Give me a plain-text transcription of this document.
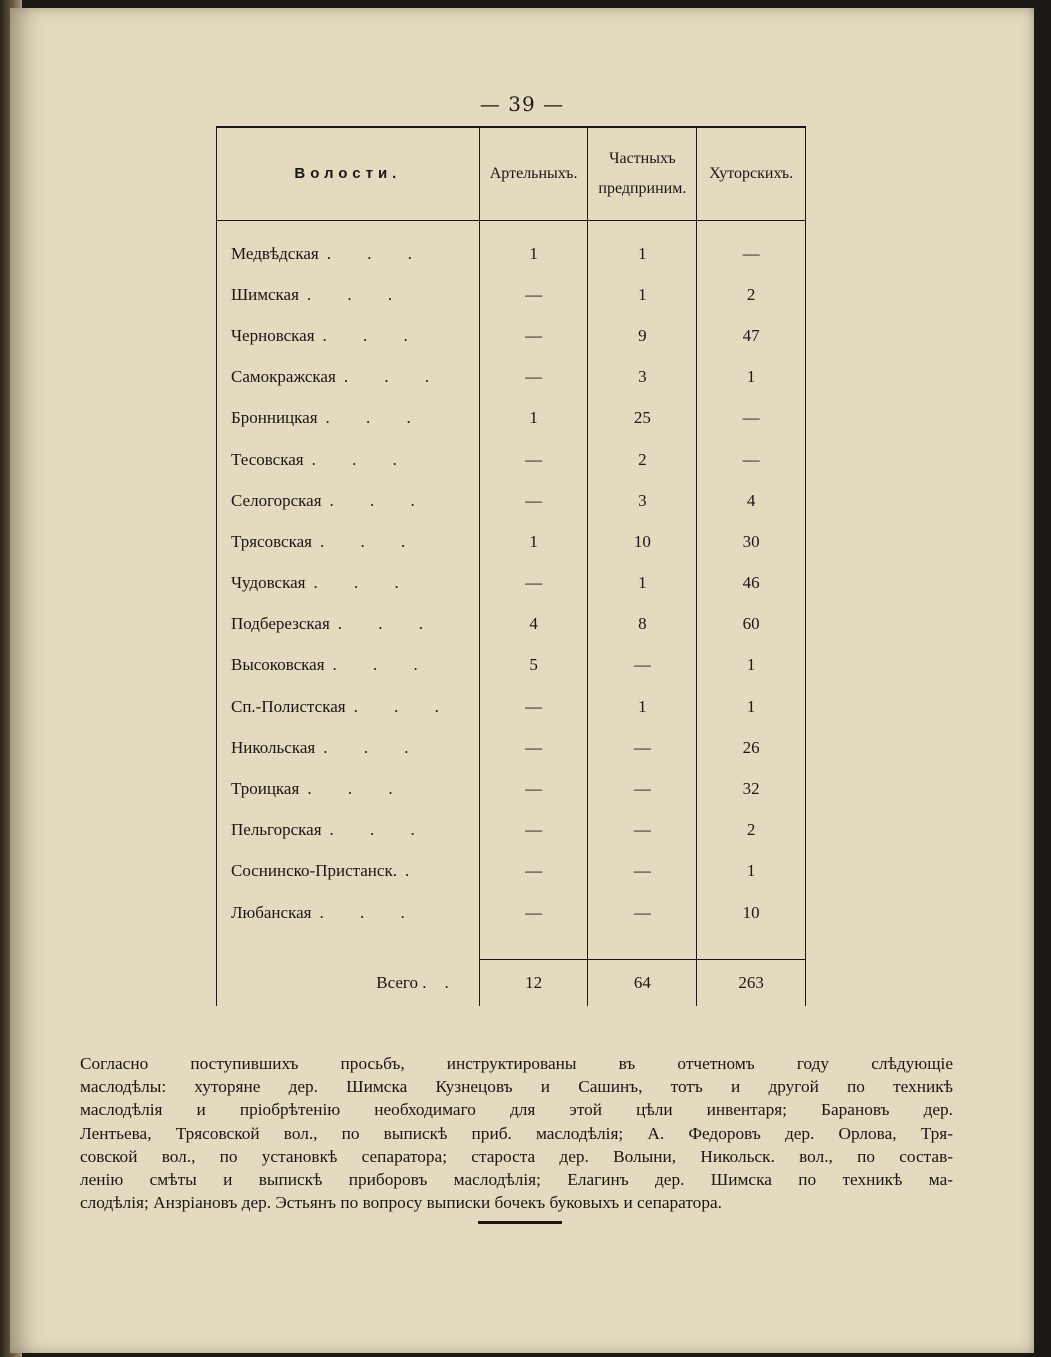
— 39 —
Волости.	Артельныхъ.	Частныхъ предприним.	Хуторскихъ.

Медвѣдская . . .	1	1	—
Шимская . . .	—	1	2
Черновская . . .	—	9	47
Самокражская . . .	—	3	1
Бронницкая . . .	1	25	—
Тесовская . . .	—	2	—
Селогорская . . .	—	3	4
Трясовская . . .	1	10	30
Чудовская . . .	—	1	46
Подберезская . . .	4	8	60
Высоковская . . .	5	—	1
Сп.-Полистская . . .	—	1	1
Никольская . . .	—	—	26
Троицкая . . .	—	—	32
Пельгорская . . .	—	—	2
Соснинско-Пристанск. .	—	—	1
Любанская . . .	—	—	10

Всего . .	12	64	263
Согласно поступившихъ просьбъ, инструктированы въ отчетномъ году слѣдующіе
маслодѣлы: хуторяне дер. Шимска Кузнецовъ и Сашинъ, тотъ и другой по техникѣ
маслодѣлія и пріобрѣтенію необходимаго для этой цѣли инвентаря; Барановъ дер.
Лентьева, Трясовской вол., по выпискѣ приб. маслодѣлія; А. Федоровъ дер. Орлова, Тря-
совской вол., по установкѣ сепаратора; староста дер. Волыни, Никольск. вол., по состав-
ленію смѣты и выпискѣ приборовъ маслодѣлія; Елагинъ дер. Шимска по техникѣ ма-
слодѣлія; Анзріановъ дер. Эстьянъ по вопросу выписки бочекъ буковыхъ и сепаратора.
